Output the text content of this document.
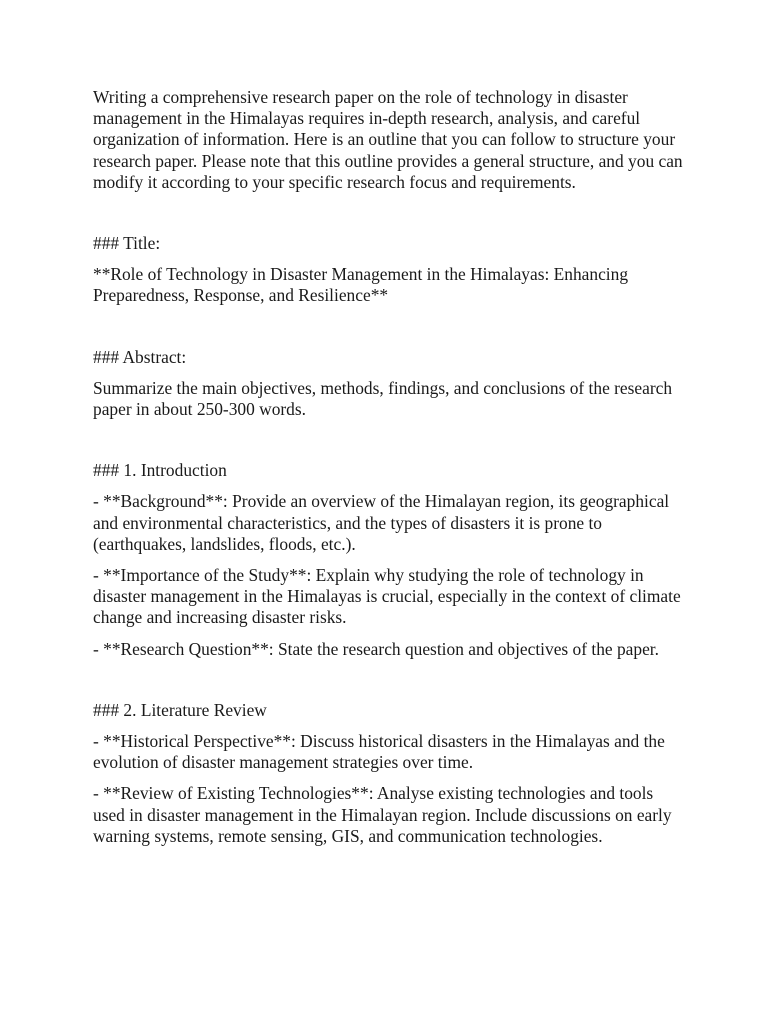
Writing a comprehensive research paper on the role of technology in disaster management in the Himalayas requires in-depth research, analysis, and careful organization of information. Here is an outline that you can follow to structure your research paper. Please note that this outline provides a general structure, and you can modify it according to your specific research focus and requirements.

### Title:

**Role of Technology in Disaster Management in the Himalayas: Enhancing Preparedness, Response, and Resilience**

### Abstract:

Summarize the main objectives, methods, findings, and conclusions of the research paper in about 250-300 words.

### 1. Introduction

- **Background**: Provide an overview of the Himalayan region, its geographical and environmental characteristics, and the types of disasters it is prone to (earthquakes, landslides, floods, etc.).

- **Importance of the Study**: Explain why studying the role of technology in disaster management in the Himalayas is crucial, especially in the context of climate change and increasing disaster risks.

- **Research Question**: State the research question and objectives of the paper.

### 2. Literature Review

- **Historical Perspective**: Discuss historical disasters in the Himalayas and the evolution of disaster management strategies over time.

- **Review of Existing Technologies**: Analyse existing technologies and tools used in disaster management in the Himalayan region. Include discussions on early warning systems, remote sensing, GIS, and communication technologies.
